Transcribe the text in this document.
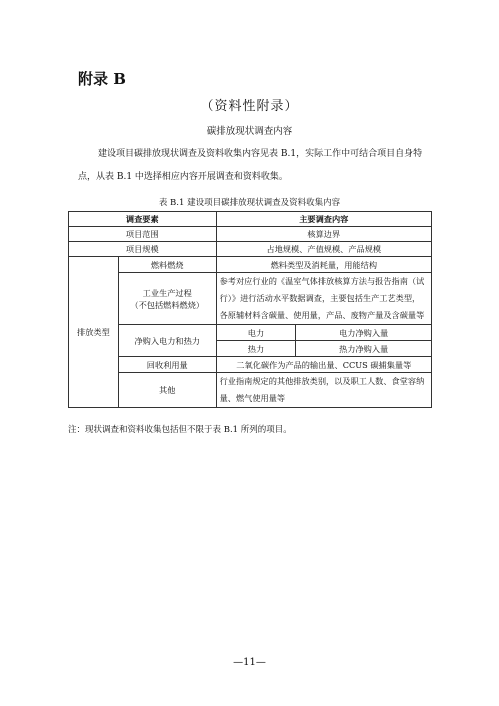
附录 B
（资料性附录）
碳排放现状调查内容
建设项目碳排放现状调查及资料收集内容见表 B.1，实际工作中可结合项目自身特点，从表 B.1 中选择相应内容开展调查和资料收集。
表 B.1 建设项目碳排放现状调查及资料收集内容
调查要素		主要调查内容	
项目范围		核算边界	
项目规模		占地规模、产值规模、产品规模	
排放类型	燃料燃烧	燃料类型及消耗量，用能结构	

	工业生产过程
（不包括燃料燃烧）	参考对应行业的《温室气体排放核算方法与报告指南（试行）》进行活动水平数据调查，主要包括生产工艺类型，各原辅材料含碳量、使用量，产品、废物产量及含碳量等	
	净购入电力和热力	电力	电力净购入量
		热力	热力净购入量
	回收利用量	二氧化碳作为产品的输出量、CCUS 碳捕集量等	
	其他	行业指南规定的其他排放类别，以及职工人数、食堂容纳量、燃气使用量等	
注：现状调查和资料收集包括但不限于表 B.1 所列的项目。
—11—
